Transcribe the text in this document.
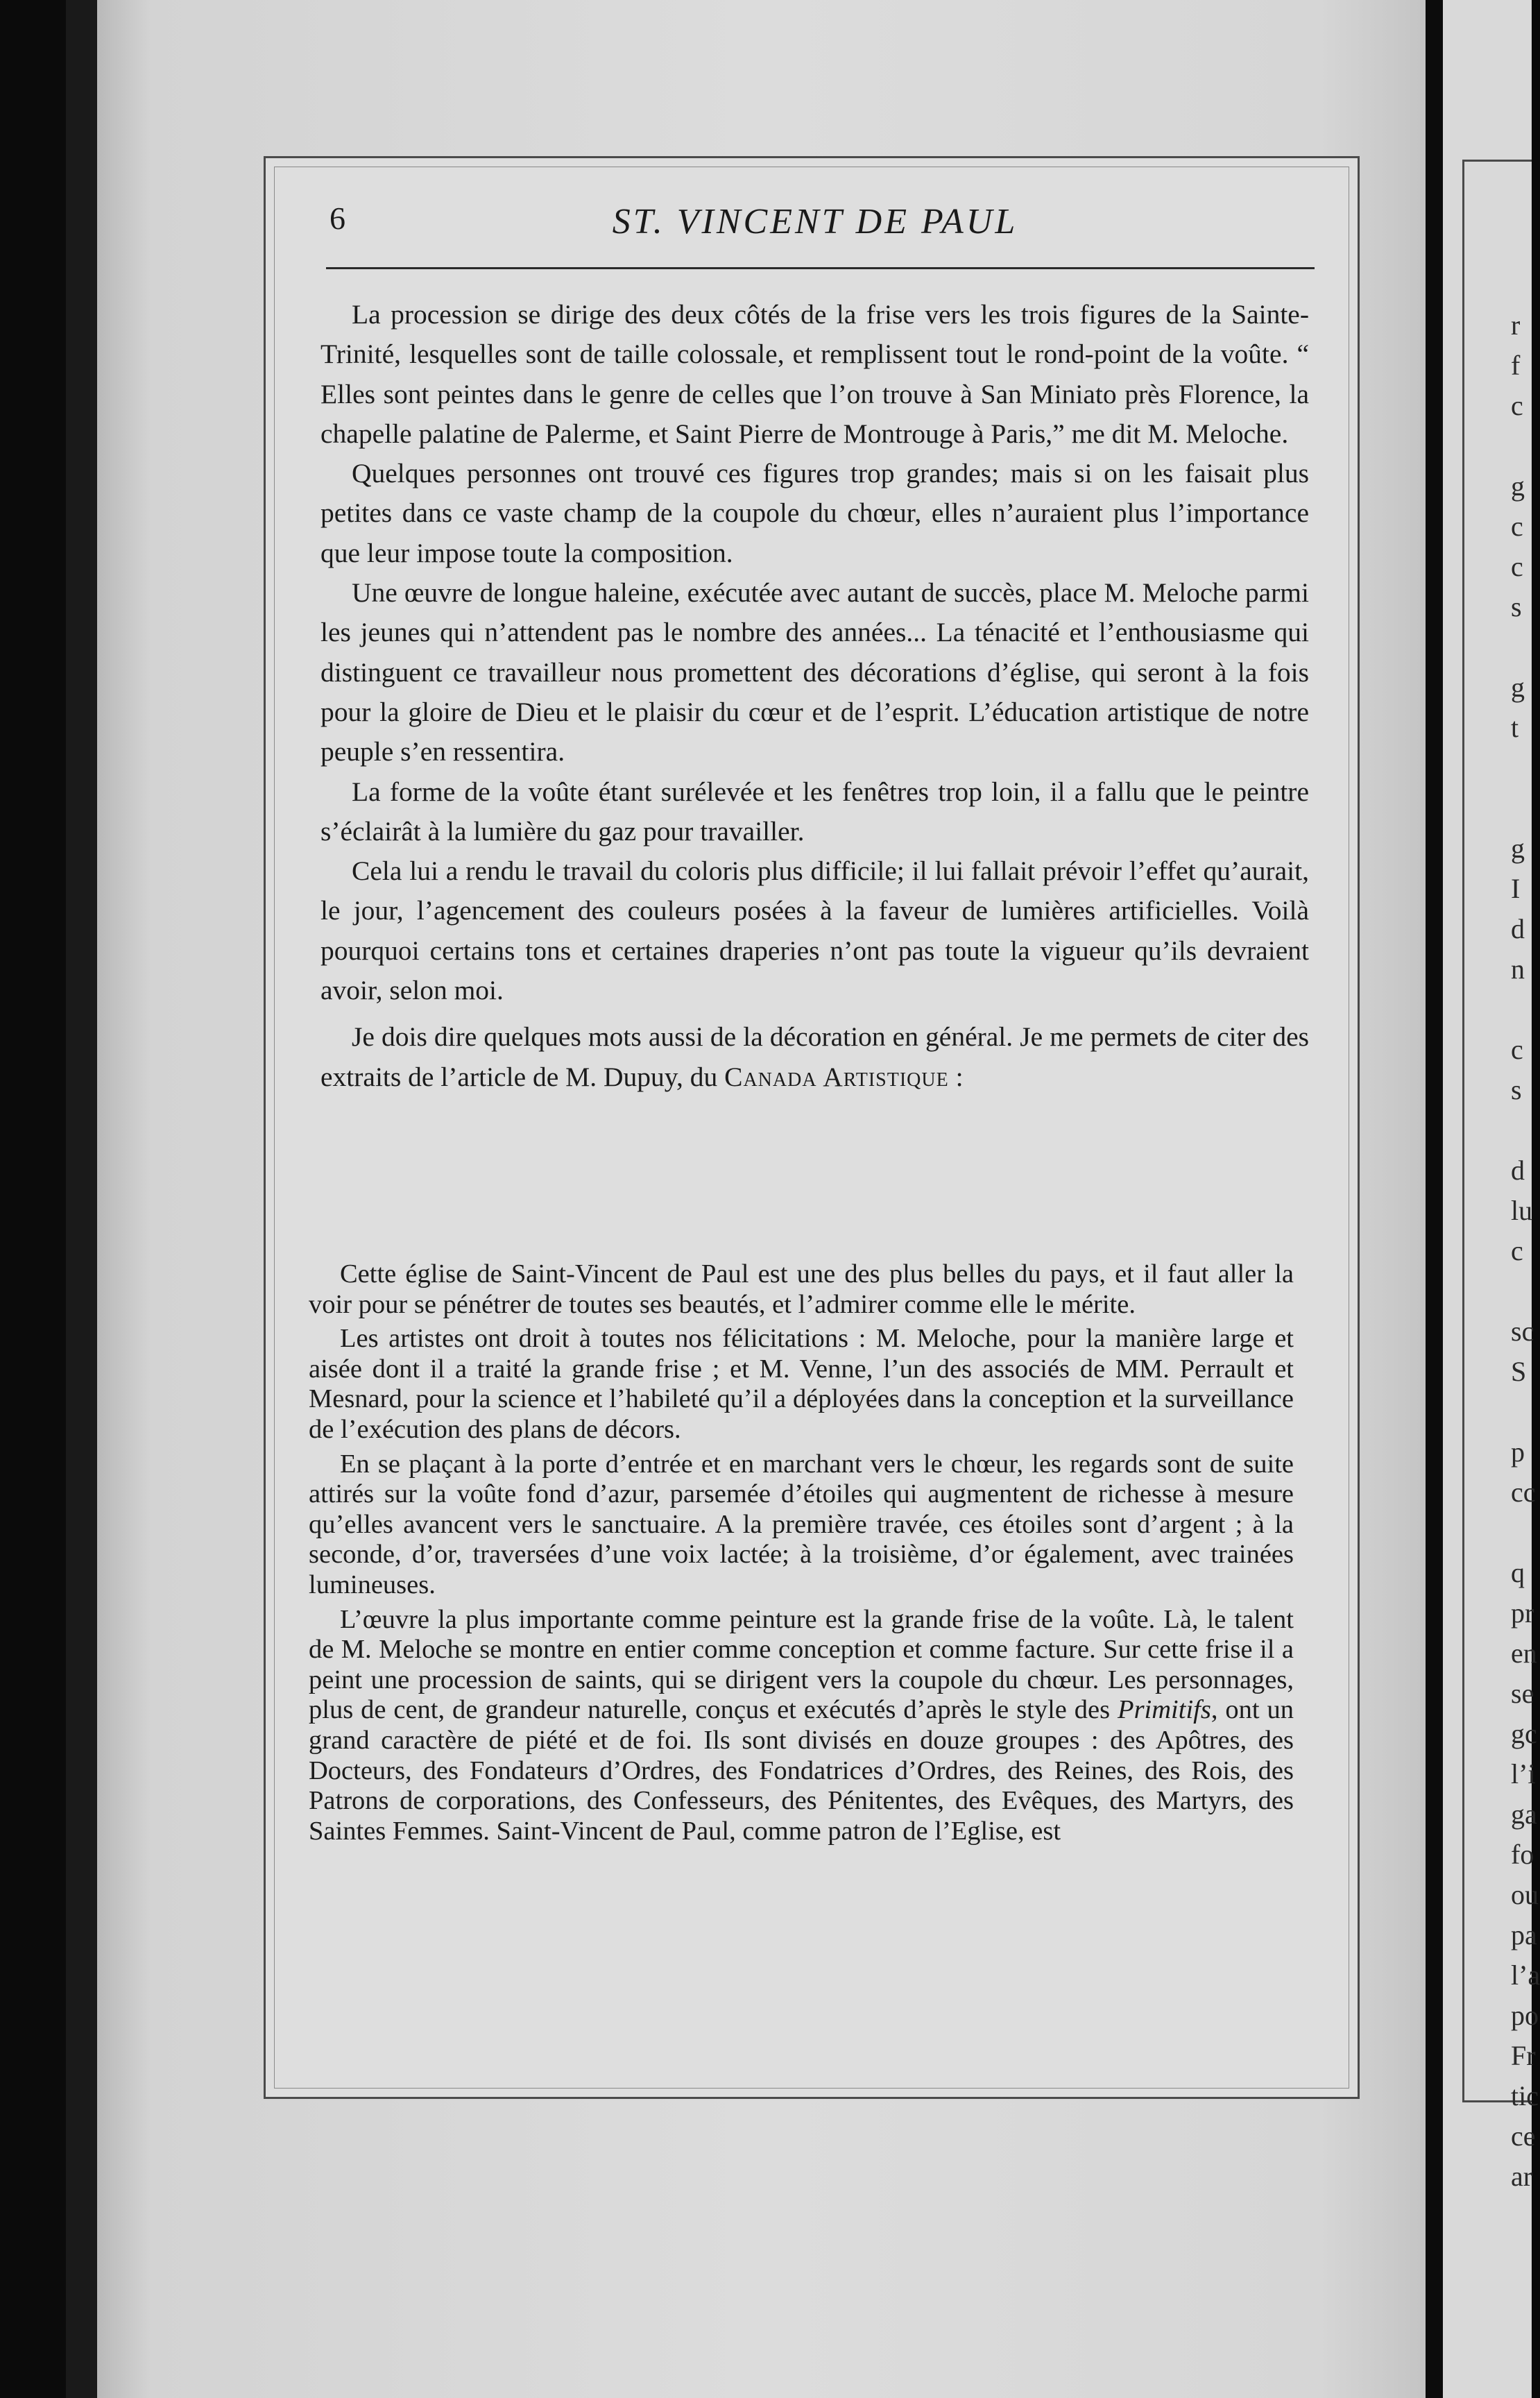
r
f
c

g
c
c
s

g
t

g
I
d
n

c
s

d
lu
c

sc
S

p
cc

q
pr
en
se
gc
l’i
ga
fo
ou
pa
l’a
po
Fr
tic
ce
ar
6	ST. VINCENT DE PAUL

La procession se dirige des deux côtés de la frise vers les trois figures de la Sainte-Trinité, lesquelles sont de taille colossale, et remplissent tout le rond-point de la voûte. “ Elles sont peintes dans le genre de celles que l’on trouve à San Miniato près Florence, la chapelle palatine de Palerme, et Saint Pierre de Montrouge à Paris,” me dit M. Meloche.

Quelques personnes ont trouvé ces figures trop grandes; mais si on les faisait plus petites dans ce vaste champ de la coupole du chœur, elles n’auraient plus l’importance que leur impose toute la composition.

Une œuvre de longue haleine, exécutée avec autant de succès, place M. Meloche parmi les jeunes qui n’attendent pas le nombre des années... La ténacité et l’enthousiasme qui distinguent ce travailleur nous promettent des décorations d’église, qui seront à la fois pour la gloire de Dieu et le plaisir du cœur et de l’esprit. L’éducation artistique de notre peuple s’en ressentira.

La forme de la voûte étant surélevée et les fenêtres trop loin, il a fallu que le peintre s’éclairât à la lumière du gaz pour travailler.

Cela lui a rendu le travail du coloris plus difficile; il lui fallait prévoir l’effet qu’aurait, le jour, l’agencement des couleurs posées à la faveur de lumières artificielles. Voilà pourquoi certains tons et certaines draperies n’ont pas toute la vigueur qu’ils devraient avoir, selon moi.

Je dois dire quelques mots aussi de la décoration en général. Je me permets de citer des extraits de l’article de M. Dupuy, du Canada Artistique :

Cette église de Saint-Vincent de Paul est une des plus belles du pays, et il faut aller la voir pour se pénétrer de toutes ses beautés, et l’admirer comme elle le mérite.

Les artistes ont droit à toutes nos félicitations : M. Meloche, pour la manière large et aisée dont il a traité la grande frise ; et M. Venne, l’un des associés de MM. Perrault et Mesnard, pour la science et l’habileté qu’il a déployées dans la conception et la surveillance de l’exécution des plans de décors.

En se plaçant à la porte d’entrée et en marchant vers le chœur, les regards sont de suite attirés sur la voûte fond d’azur, parsemée d’étoiles qui augmentent de richesse à mesure qu’elles avancent vers le sanctuaire. A la première travée, ces étoiles sont d’argent ; à la seconde, d’or, traversées d’une voix lactée; à la troisième, d’or également, avec trainées lumineuses.

L’œuvre la plus importante comme peinture est la grande frise de la voûte. Là, le talent de M. Meloche se montre en entier comme conception et comme facture. Sur cette frise il a peint une procession de saints, qui se dirigent vers la coupole du chœur. Les personnages, plus de cent, de grandeur naturelle, conçus et exécutés d’après le style des Primitifs, ont un grand caractère de piété et de foi. Ils sont divisés en douze groupes : des Apôtres, des Docteurs, des Fondateurs d’Ordres, des Fondatrices d’Ordres, des Reines, des Rois, des Patrons de corporations, des Confesseurs, des Pénitentes, des Evêques, des Martyrs, des Saintes Femmes. Saint-Vincent de Paul, comme patron de l’Eglise, est
